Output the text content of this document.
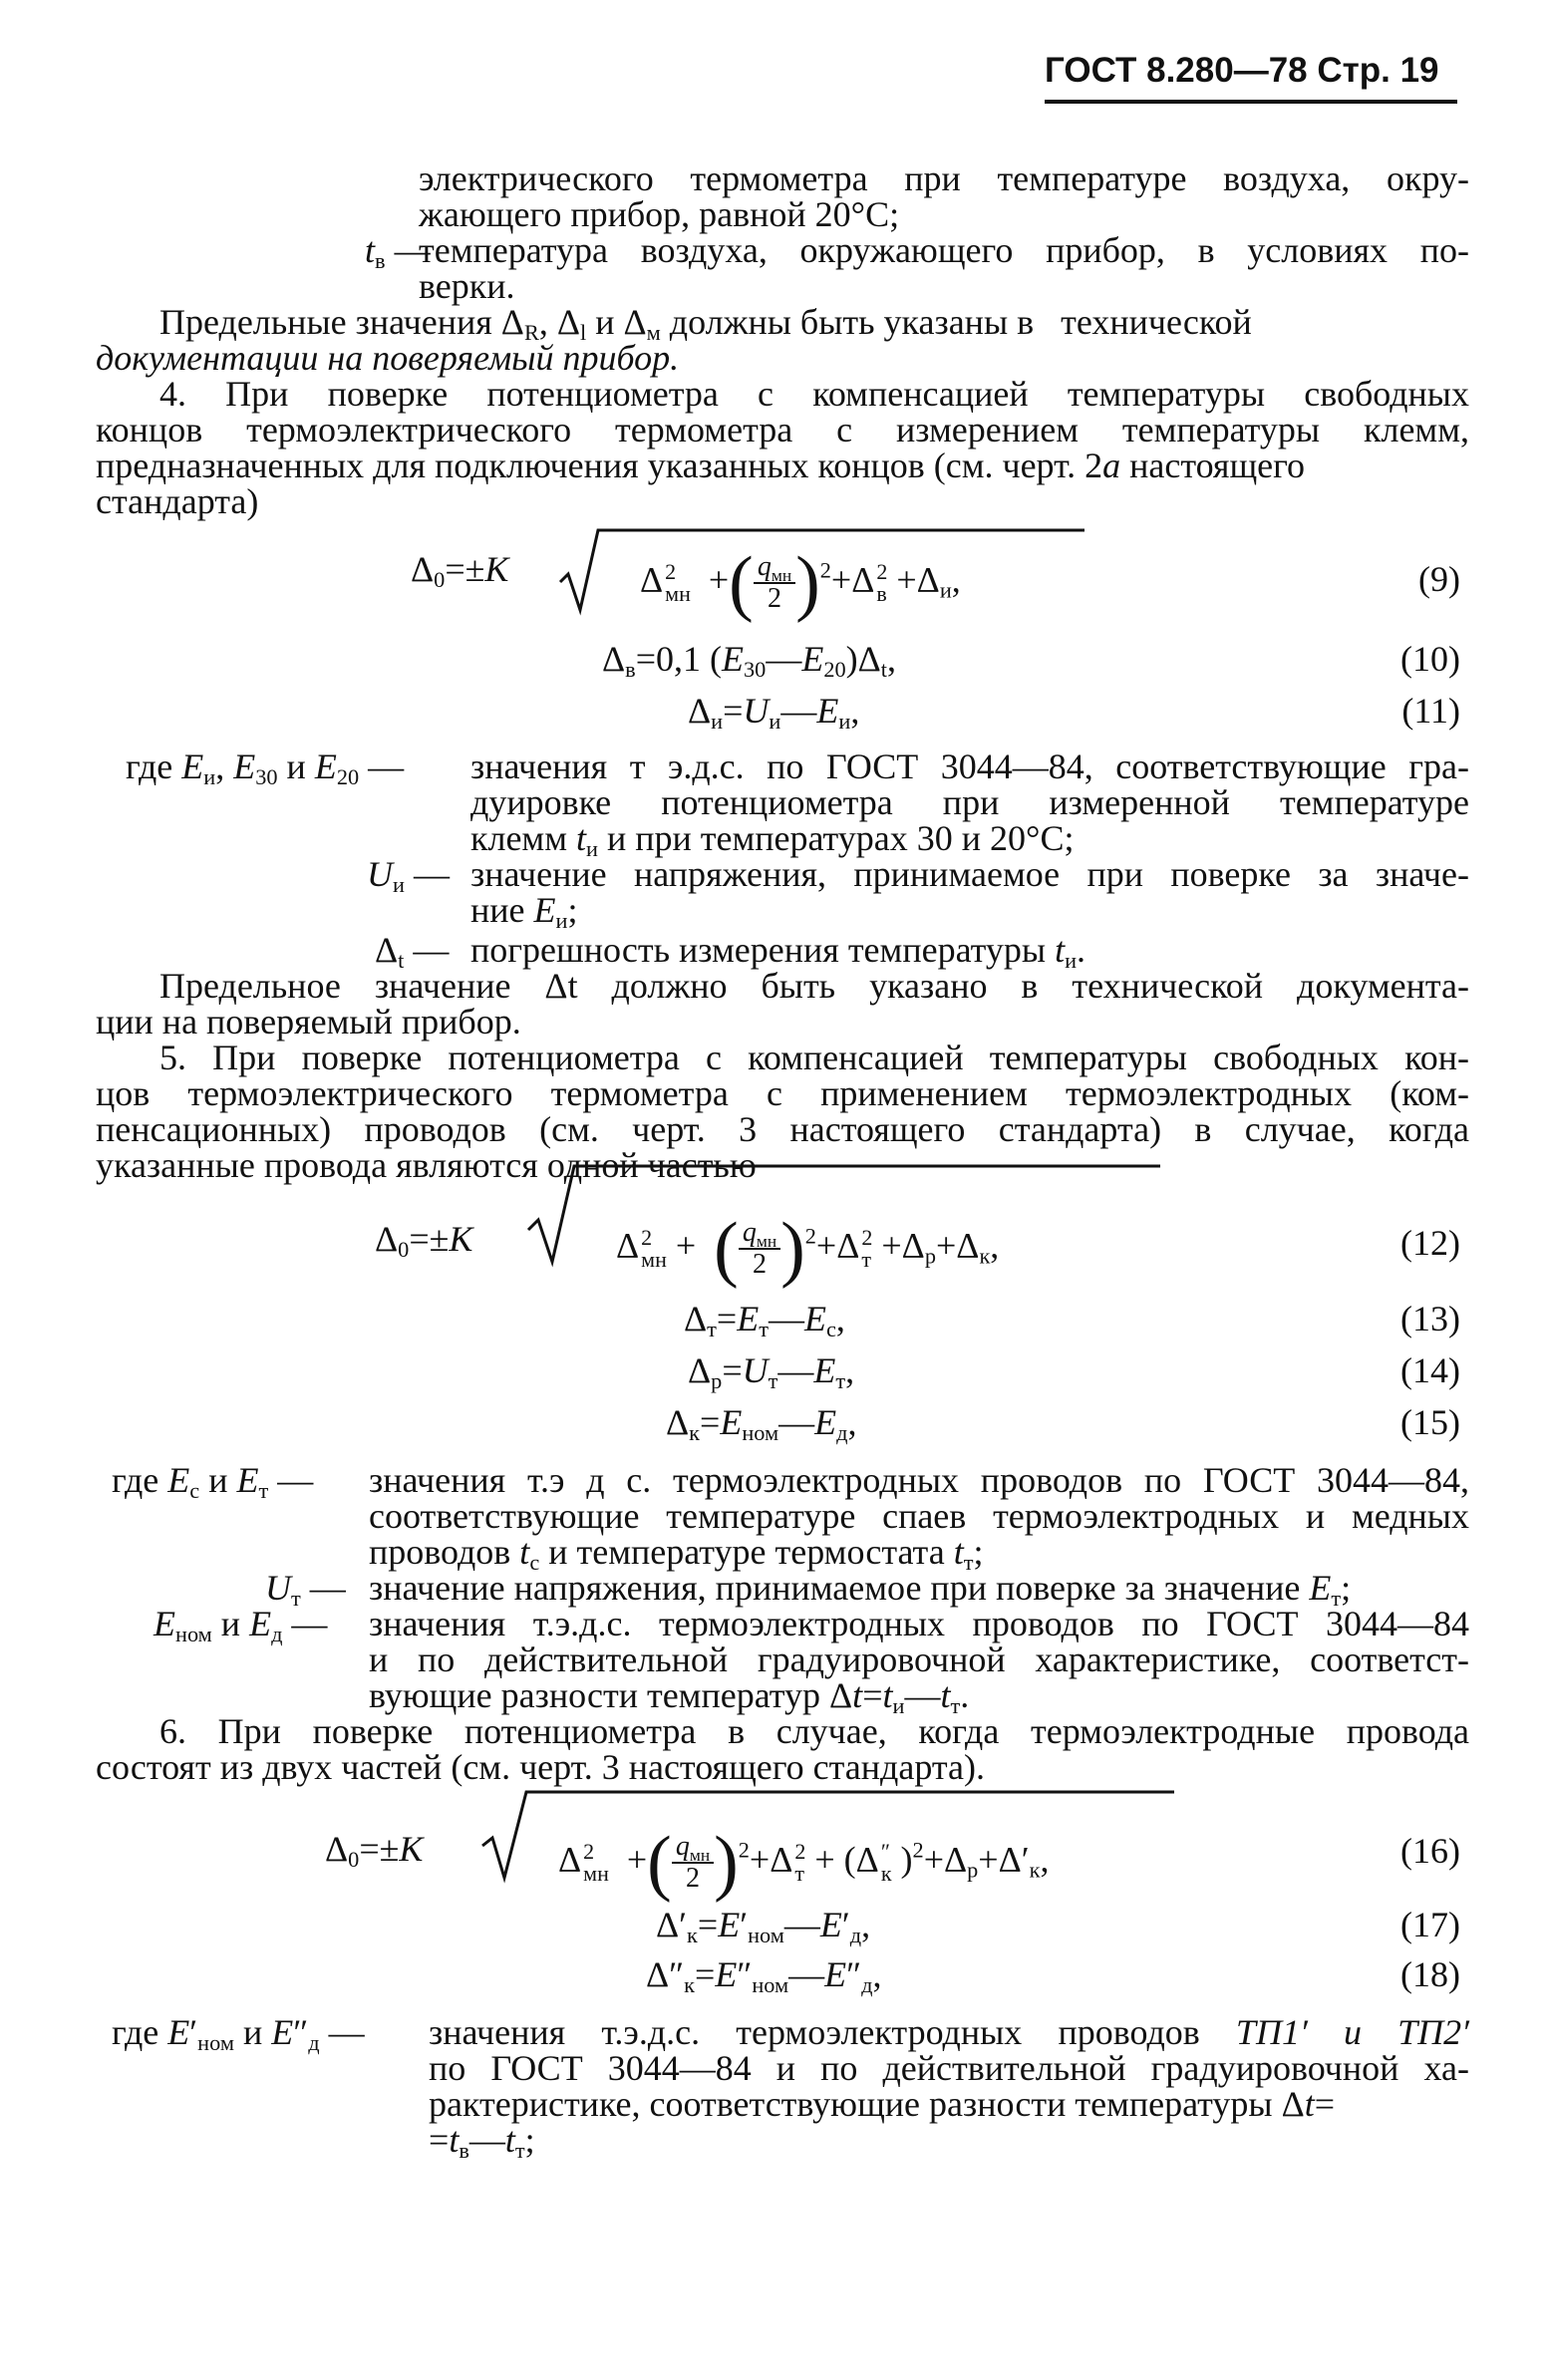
ГОСТ 8.280—78 Стр. 19
электрического термометра при температуре воздуха, окру-
жающего прибор, равной 20°С;
$t_в$ —
температура воздуха, окружающего прибор, в условиях по-
верки.
Предельные значения $\Delta_R$, $\Delta_l$ и $\Delta_м$ должны быть указаны в   технической
документации на поверяемый прибор.
4. При поверке потенциометра с компенсацией температуры свободных
концов термоэлектрического термометра с измерением температуры клемм,
предназначенных для подключения указанных концов (см. черт. 2а настоящего
стандарта)
$\Delta_0=\pm K$	Δ 2
мн +( $\frac{q_{мн}}{2} )^2+\Delta$ 2
$в +\Delta_и$,	(9)
$\Delta_в=0,1$ $(E_{30}—E_{20})\Delta_t$,	(10)
$\Delta_и=U_и—E_и$,	(11)
где $E_и$, $E_{30}$ и $E_{20}$ — значения т э.д.с. по ГОСТ 3044—84, соответствующие гра-
дуировке потенциометра при измеренной температуре
клемм $t_и$ и при температурах 30 и 20°С;
$U_и$ — значение напряжения, принимаемое при поверке за значе-
ние $E_и$;
$\Delta_t$ — погрешность измерения температуры $t_и$.
Предельное значение Δt должно быть указано в технической документа-
ции на поверяемый прибор.
5. При поверке потенциометра с компенсацией температуры свободных кон-
цов термоэлектрического термометра с применением термоэлектродных (ком-
пенсационных) проводов (см. черт. 3 настоящего стандарта) в случае, когда
указанные провода являются одной частью
$\Delta_0=\pm K$	Δ 2
мн +  ( $\frac{q_{мн}}{2} )^2+\Delta$ 2
$т +\Delta_р+\Delta_к$,	(12)
$\Delta_т=E_т—E_с$,	(13)
$\Delta_р=U_т—E_т$,	(14)
$\Delta_к=E_{ном}—E_д$,	(15)
где $E_с$ и $E_т$ — значения т.э д с. термоэлектродных проводов по ГОСТ 3044—84,
соответствующие температуре спаев термоэлектродных и медных
проводов $t_с$ и температуре термостата $t_т$;
$U_т$ — значение напряжения, принимаемое при поверке за значение $E_т$;
$E_{ном}$ и $E_д$ — значения т.э.д.с. термоэлектродных проводов по ГОСТ 3044—84
и по действительной градуировочной характеристике, соответст-
вующие разности температур $\Delta t=t_и—t_т$.
6. При поверке потенциометра в случае, когда термоэлектродные провода
состоят из двух частей (см. черт. 3 настоящего стандарта).
$\Delta_0=\pm K$	Δ 2
мн +( $\frac{q_{мн}}{2} )^2+\Delta$ 2
т + (Δ ″
к )$^2+\Delta_р+\Delta'_к$,	(16)
$\Delta'_к=E'_{ном}—E'_д$,	(17)
$\Delta''_к=E''_{ном}—E''_д$,	(18)
где $E'_{ном}$ и $E''_д$ — значения т.э.д.с. термоэлектродных проводов ТП1′ и ТП2′
по ГОСТ 3044—84 и по действительной градуировочной ха-
рактеристике, соответствующие разности температуры Δt=
$=t_в—t_т$;
